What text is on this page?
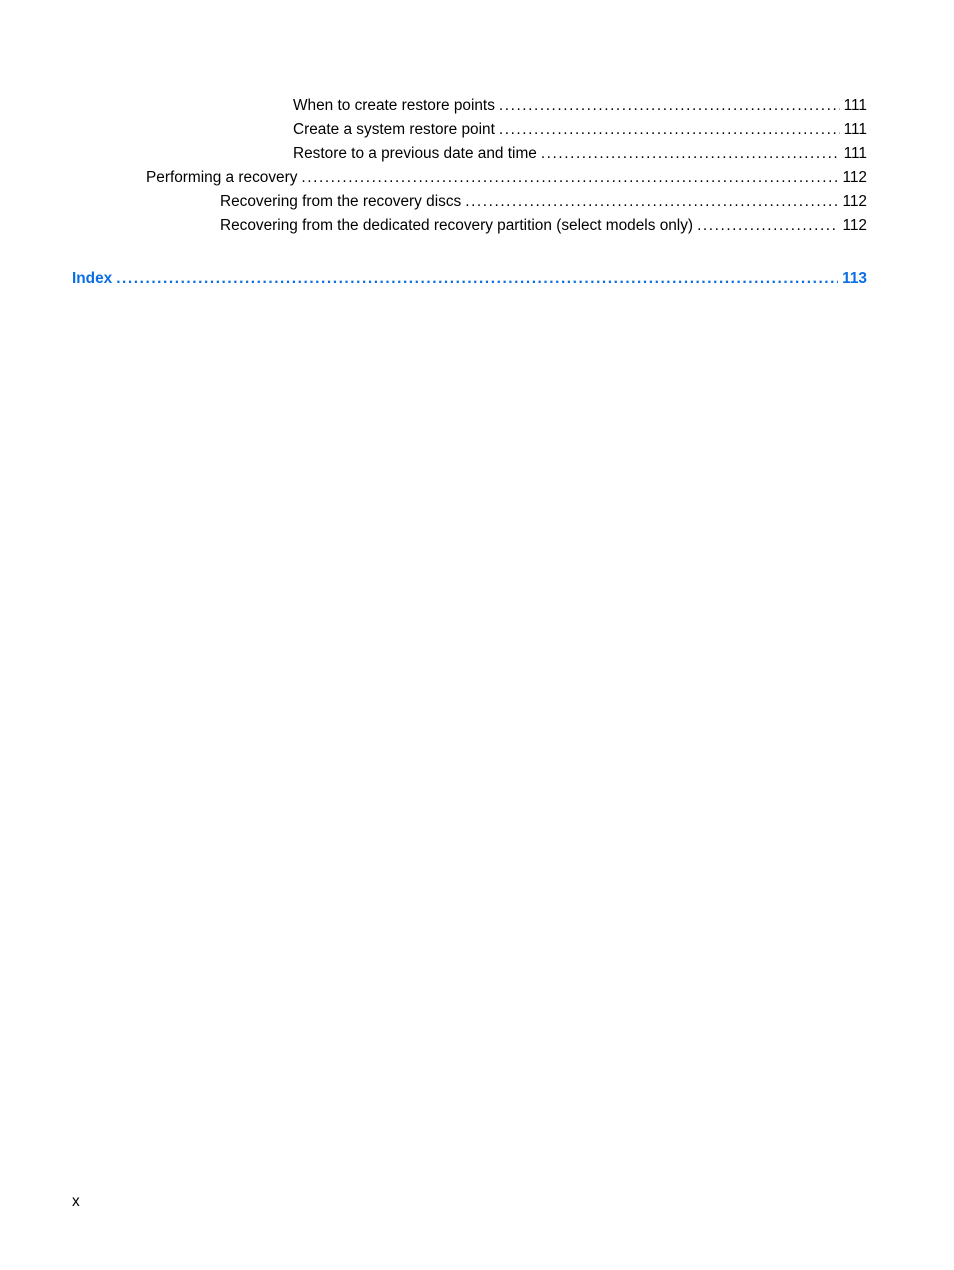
When to create restore points . . .	111
Create a system restore point . . .	111
Restore to a previous date and time . . .	111
Performing a recovery . . .	112
Recovering from the recovery discs . . .	112
Recovering from the dedicated recovery partition (select models only) . . .	112
Index . . .	113
x
